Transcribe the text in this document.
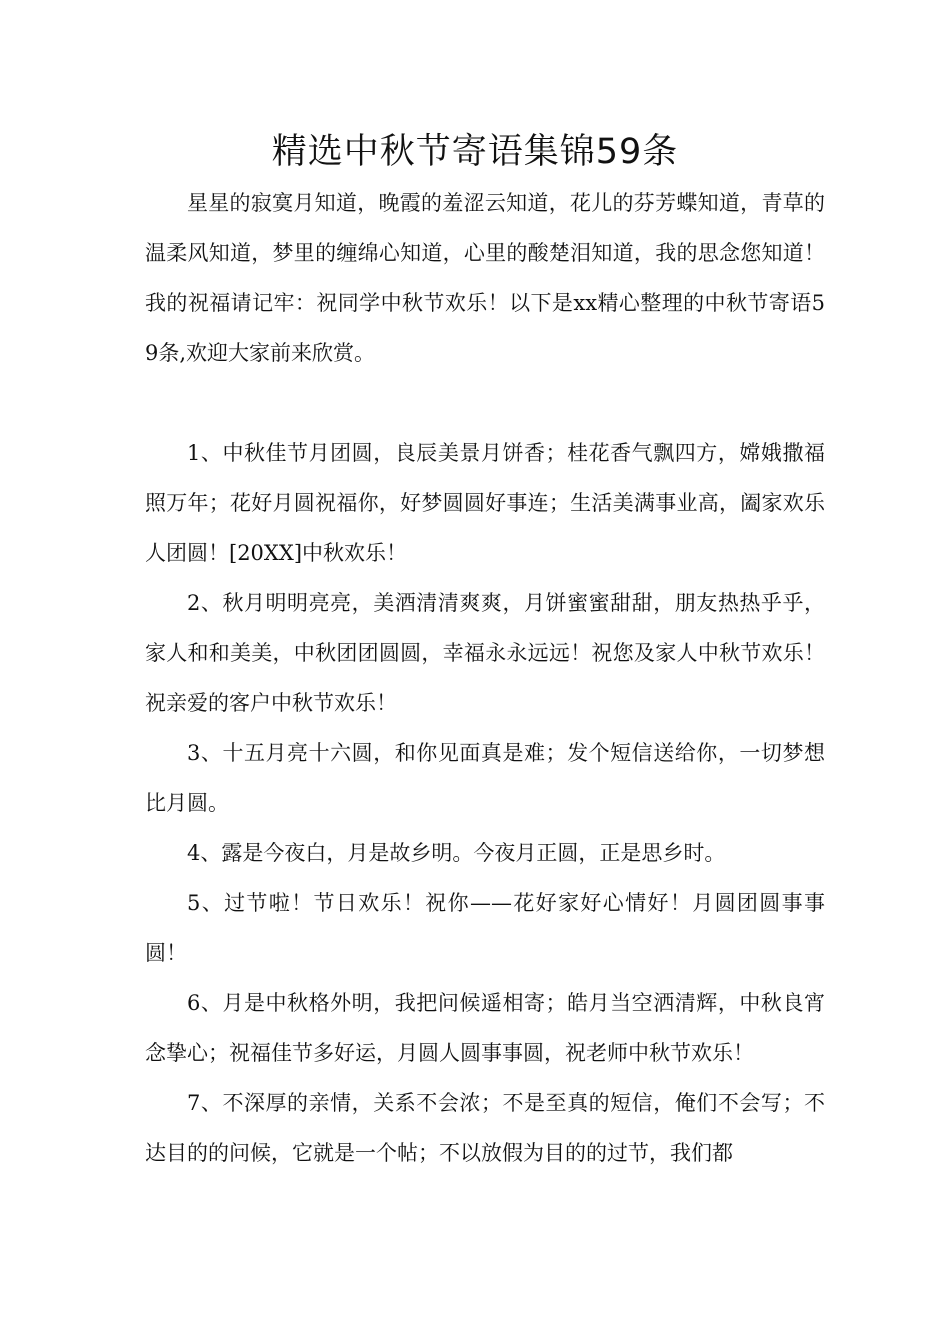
精选中秋节寄语集锦59条

星星的寂寞月知道，晚霞的羞涩云知道，花儿的芬芳蝶知道，青草的温柔风知道，梦里的缠绵心知道，心里的酸楚泪知道，我的思念您知道！我的祝福请记牢：祝同学中秋节欢乐！以下是xx精心整理的中秋节寄语59条,欢迎大家前来欣赏。

1、中秋佳节月团圆，良辰美景月饼香；桂花香气飘四方，嫦娥撒福照万年；花好月圆祝福你，好梦圆圆好事连；生活美满事业高，阖家欢乐人团圆！[20XX]中秋欢乐！

2、秋月明明亮亮，美酒清清爽爽，月饼蜜蜜甜甜，朋友热热乎乎，家人和和美美，中秋团团圆圆，幸福永永远远！祝您及家人中秋节欢乐！祝亲爱的客户中秋节欢乐！

3、十五月亮十六圆，和你见面真是难；发个短信送给你，一切梦想比月圆。

4、露是今夜白，月是故乡明。今夜月正圆，正是思乡时。

5、过节啦！节日欢乐！祝你——花好家好心情好！月圆团圆事事圆！

6、月是中秋格外明，我把问候遥相寄；皓月当空洒清辉，中秋良宵念挚心；祝福佳节多好运，月圆人圆事事圆，祝老师中秋节欢乐！

7、不深厚的亲情，关系不会浓；不是至真的短信，俺们不会写；不达目的的问候，它就是一个帖；不以放假为目的的过节，我们都
